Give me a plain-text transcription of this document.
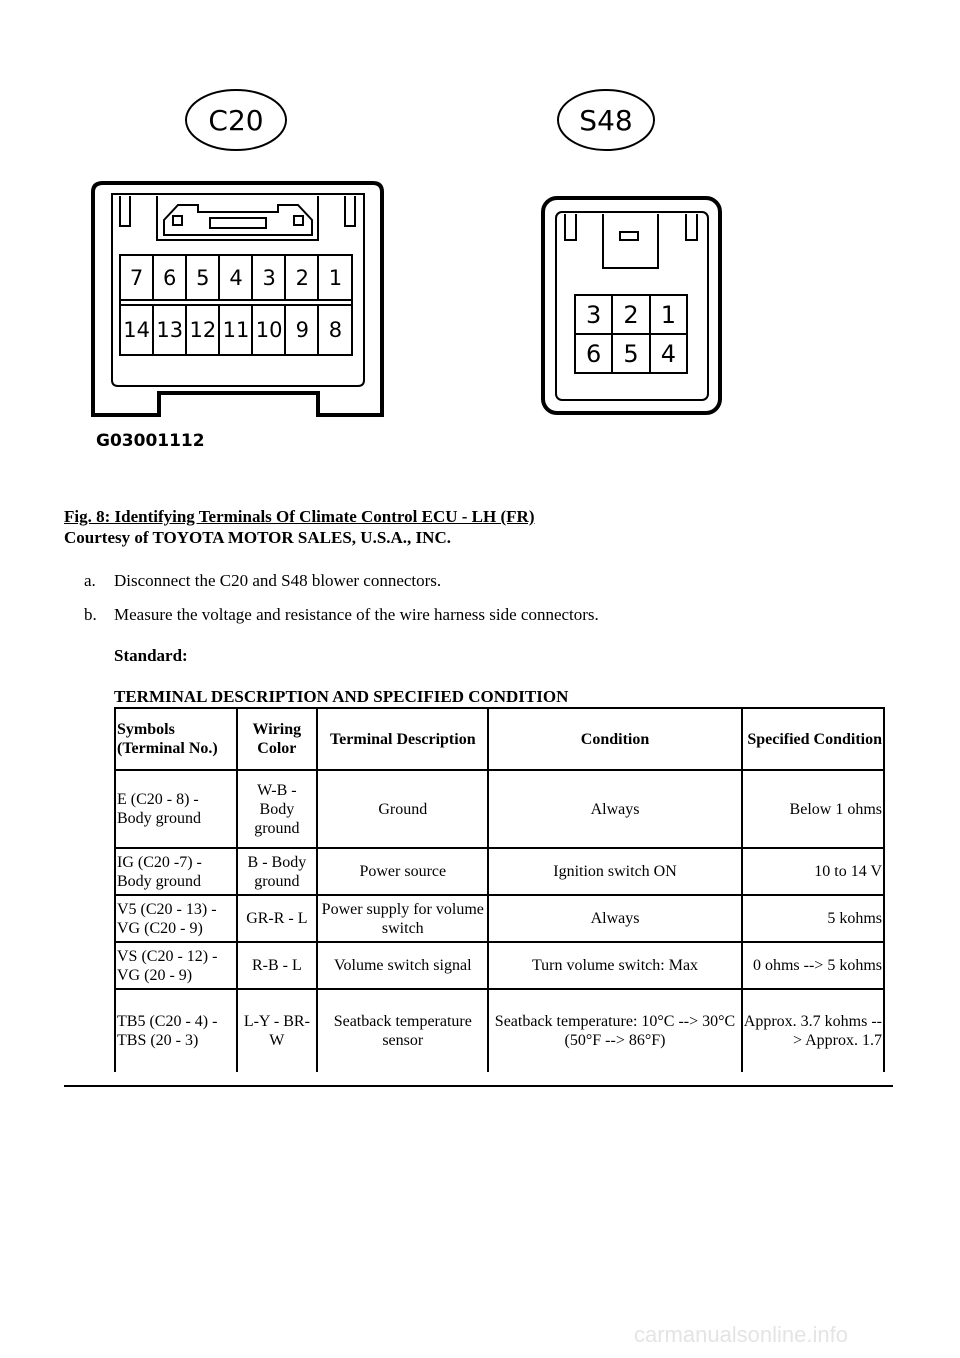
C20	S48
7 6 5 4 3 2 1
14 13 12 11 10 9 8
3 2 1
6 5 4
G03001112
Fig. 8: Identifying Terminals Of Climate Control ECU - LH (FR)
Courtesy of TOYOTA MOTOR SALES, U.S.A., INC.
a. Disconnect the C20 and S48 blower connectors.
b. Measure the voltage and resistance of the wire harness side connectors.
Standard:
TERMINAL DESCRIPTION AND SPECIFIED CONDITION
Symbols (Terminal No.)	Wiring Color	Terminal Description	Condition	Specified Condition
E (C20 - 8) - Body ground	W-B - Body ground	Ground	Always	Below 1 ohms
IG (C20 -7) - Body ground	B - Body ground	Power source	Ignition switch ON	10 to 14 V
V5 (C20 - 13) - VG (C20 - 9)	GR-R - L	Power supply for volume switch	Always	5 kohms
VS (C20 - 12) - VG (20 - 9)	R-B - L	Volume switch signal	Turn volume switch: Max	0 ohms --> 5 kohms
TB5 (C20 - 4) - TBS (20 - 3)	L-Y - BR-W	Seatback temperature sensor	Seatback temperature: 10°C --> 30°C (50°F --> 86°F)	Approx. 3.7 kohms --> Approx. 1.7
carmanualsonline.info
